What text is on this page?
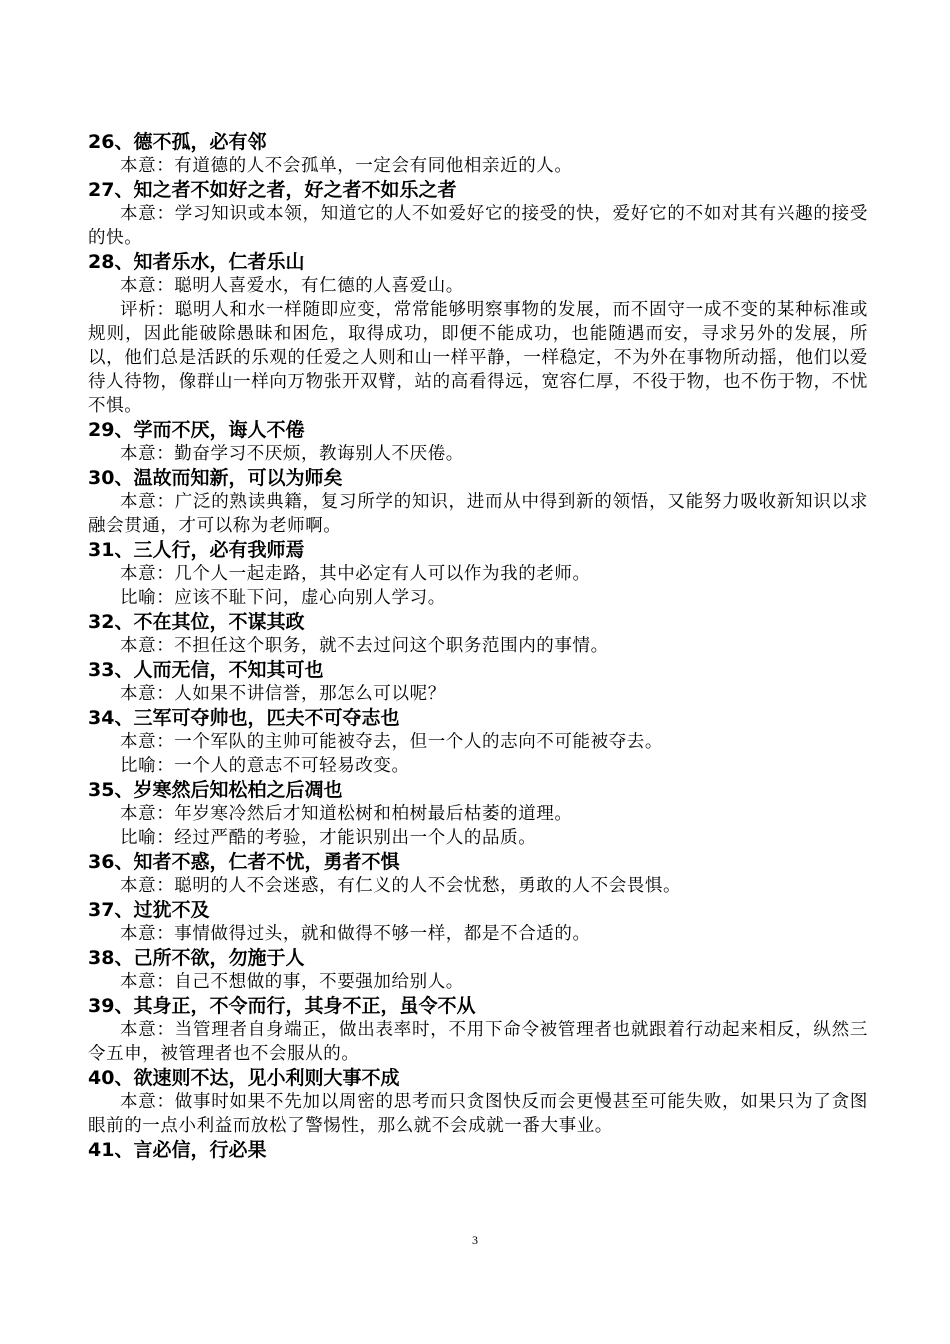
26、德不孤，必有邻

本意：有道德的人不会孤单，一定会有同他相亲近的人。

27、知之者不如好之者，好之者不如乐之者

本意：学习知识或本领，知道它的人不如爱好它的接受的快，爱好它的不如对其有兴趣的接受的快。

28、知者乐水，仁者乐山

本意：聪明人喜爱水，有仁德的人喜爱山。

评析：聪明人和水一样随即应变，常常能够明察事物的发展，而不固守一成不变的某种标准或规则，因此能破除愚昧和困危，取得成功，即便不能成功，也能随遇而安，寻求另外的发展，所以，他们总是活跃的乐观的任爱之人则和山一样平静，一样稳定，不为外在事物所动摇，他们以爱待人待物，像群山一样向万物张开双臂，站的高看得远，宽容仁厚，不役于物，也不伤于物，不忧不惧。

29、学而不厌，诲人不倦

本意：勤奋学习不厌烦，教诲别人不厌倦。

30、温故而知新，可以为师矣

本意：广泛的熟读典籍，复习所学的知识，进而从中得到新的领悟，又能努力吸收新知识以求融会贯通，才可以称为老师啊。

31、三人行，必有我师焉

本意：几个人一起走路，其中必定有人可以作为我的老师。

比喻：应该不耻下问，虚心向别人学习。

32、不在其位，不谋其政

本意：不担任这个职务，就不去过问这个职务范围内的事情。

33、人而无信，不知其可也

本意：人如果不讲信誉，那怎么可以呢？

34、三军可夺帅也，匹夫不可夺志也

本意：一个军队的主帅可能被夺去，但一个人的志向不可能被夺去。

比喻：一个人的意志不可轻易改变。

35、岁寒然后知松柏之后凋也

本意：年岁寒冷然后才知道松树和柏树最后枯萎的道理。

比喻：经过严酷的考验，才能识别出一个人的品质。

36、知者不惑，仁者不忧，勇者不惧

本意：聪明的人不会迷惑，有仁义的人不会忧愁，勇敢的人不会畏惧。

37、过犹不及

本意：事情做得过头，就和做得不够一样，都是不合适的。

38、己所不欲，勿施于人

本意：自己不想做的事，不要强加给别人。

39、其身正，不令而行，其身不正，虽令不从

本意：当管理者自身端正，做出表率时，不用下命令被管理者也就跟着行动起来相反，纵然三令五申，被管理者也不会服从的。

40、欲速则不达，见小利则大事不成

本意：做事时如果不先加以周密的思考而只贪图快反而会更慢甚至可能失败，如果只为了贪图眼前的一点小利益而放松了警惕性，那么就不会成就一番大事业。

41、言必信，行必果
3
